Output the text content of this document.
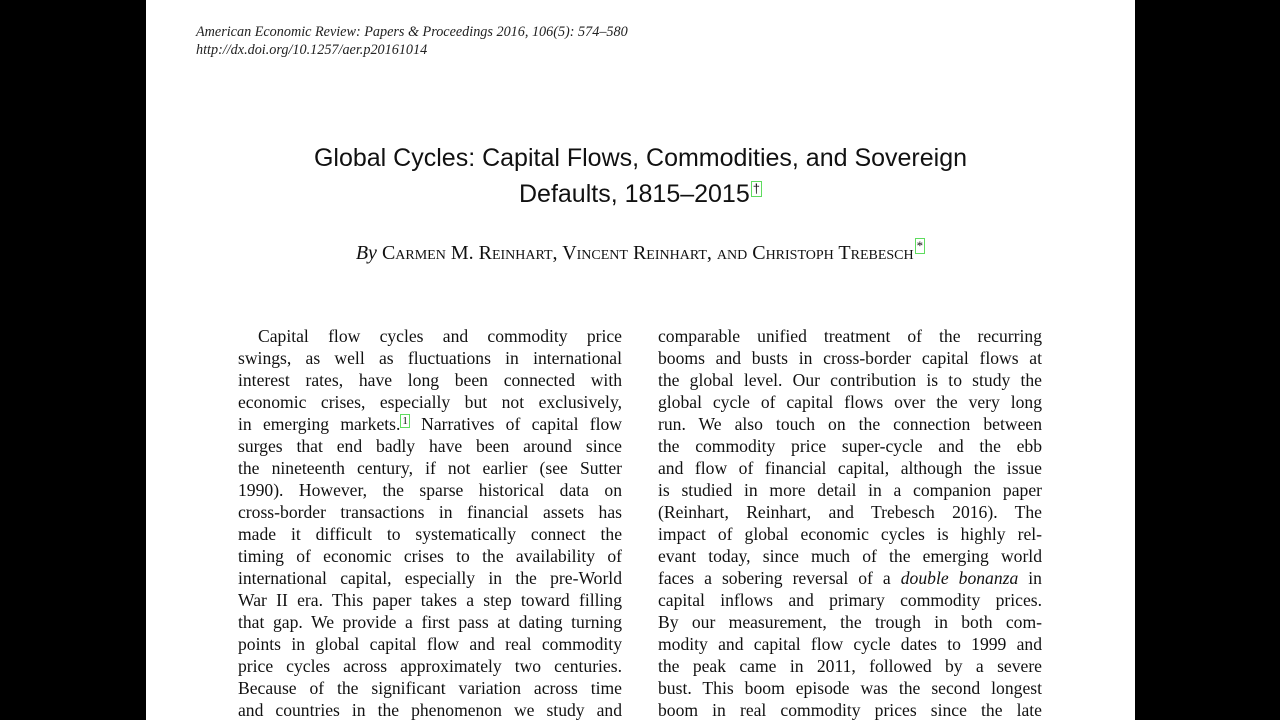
American Economic Review: Papers & Proceedings 2016, 106(5): 574–580
http://dx.doi.org/10.1257/aer.p20161014
Global Cycles: Capital Flows, Commodities, and Sovereign
Defaults, 1815–2015 †
By Carmen M. Reinhart, Vincent Reinhart, and Christoph Trebesch *
Capital flow cycles and commodity price
swings, as well as fluctuations in international
interest rates, have long been connected with
economic crises, especially but not exclusively,
in emerging markets. 1 Narratives of capital flow
surges that end badly have been around since
the nineteenth century, if not earlier (see Sutter
1990). However, the sparse historical data on
cross-border transactions in financial assets has
made it difficult to systematically connect the
timing of economic crises to the availability of
international capital, especially in the pre-World
War II era. This paper takes a step toward filling
that gap. We provide a first pass at dating turning
points in global capital flow and real commodity
price cycles across approximately two centuries.
Because of the significant variation across time
and countries in the phenomenon we study and
comparable unified treatment of the recurring
booms and busts in cross-border capital flows at
the global level. Our contribution is to study the
global cycle of capital flows over the very long
run. We also touch on the connection between
the commodity price super-cycle and the ebb
and flow of financial capital, although the issue
is studied in more detail in a companion paper
(Reinhart, Reinhart, and Trebesch 2016). The
impact of global economic cycles is highly rel-
evant today, since much of the emerging world
faces a sobering reversal of a double bonanza in
capital inflows and primary commodity prices.
By our measurement, the trough in both com-
modity and capital flow cycle dates to 1999 and
the peak came in 2011, followed by a severe
bust. This boom episode was the second longest
boom in real commodity prices since the late
